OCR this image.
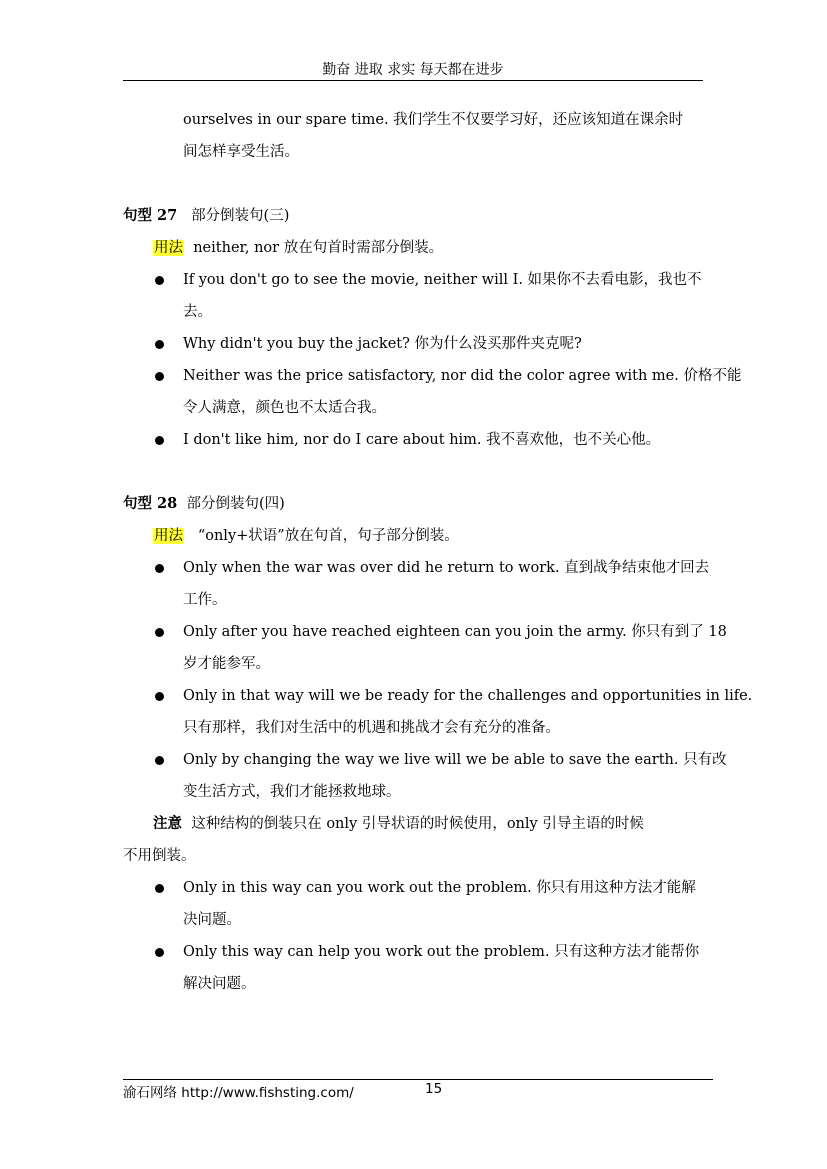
勤奋 进取 求实 每天都在进步
ourselves in our spare time. 我们学生不仅要学习好，还应该知道在课余时
间怎样享受生活。
句型 27 部分倒装句(三)
用法 neither, nor 放在句首时需部分倒装。
If you don't go to see the movie, neither will I. 如果你不去看电影，我也不
去。
Why didn't you buy the jacket? 你为什么没买那件夹克呢?
Neither was the price satisfactory, nor did the color agree with me. 价格不能
令人满意，颜色也不太适合我。
I don't like him, nor do I care about him. 我不喜欢他，也不关心他。
句型 28 部分倒装句(四)
用法 “only+状语”放在句首，句子部分倒装。
Only when the war was over did he return to work. 直到战争结束他才回去
工作。
Only after you have reached eighteen can you join the army. 你只有到了 18
岁才能参军。
Only in that way will we be ready for the challenges and opportunities in life.
只有那样，我们对生活中的机遇和挑战才会有充分的准备。
Only by changing the way we live will we be able to save the earth. 只有改
变生活方式，我们才能拯救地球。
注意 这种结构的倒装只在 only 引导状语的时候使用，only 引导主语的时候
不用倒装。
Only in this way can you work out the problem. 你只有用这种方法才能解
决问题。
Only this way can help you work out the problem. 只有这种方法才能帮你
解决问题。
渝石网络 http://www.fishsting.com/	15
